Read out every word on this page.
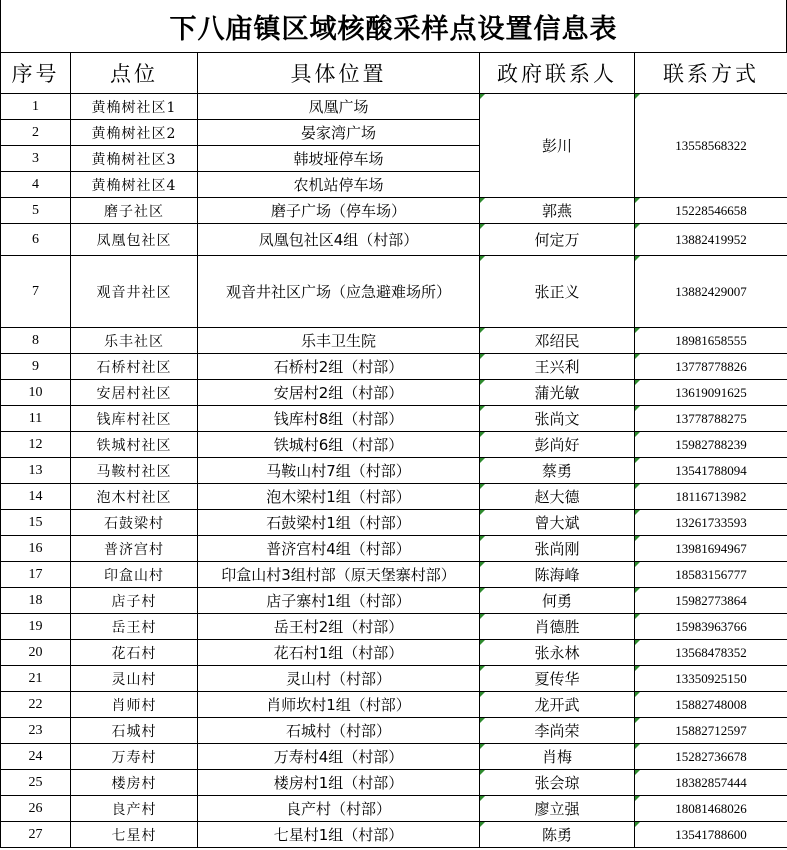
下八庙镇区域核酸采样点设置信息表
序号	点位	具体位置	政府联系人	联系方式
1	黄桷树社区1	凤凰广场	彭川	13558568322
2	黄桷树社区2	晏家湾广场		
3	黄桷树社区3	韩坡垭停车场		
4	黄桷树社区4	农机站停车场		
5	磨子社区	磨子广场（停车场）	郭燕	15228546658
6	凤凰包社区	凤凰包社区4组（村部）	何定万	13882419952
7	观音井社区	观音井社区广场（应急避难场所）	张正义	13882429007
8	乐丰社区	乐丰卫生院	邓绍民	18981658555
9	石桥村社区	石桥村2组（村部）	王兴利	13778778826
10	安居村社区	安居村2组（村部）	蒲光敏	13619091625
11	钱库村社区	钱库村8组（村部）	张尚文	13778788275
12	铁城村社区	铁城村6组（村部）	彭尚好	15982788239
13	马鞍村社区	马鞍山村7组（村部）	蔡勇	13541788094
14	泡木村社区	泡木梁村1组（村部）	赵大德	18116713982
15	石鼓梁村	石鼓梁村1组（村部）	曾大斌	13261733593
16	普济宫村	普济宫村4组（村部）	张尚刚	13981694967
17	印盒山村	印盒山村3组村部（原天堡寨村部）	陈海峰	18583156777
18	店子村	店子寨村1组（村部）	何勇	15982773864
19	岳王村	岳王村2组（村部）	肖德胜	15983963766
20	花石村	花石村1组（村部）	张永林	13568478352
21	灵山村	灵山村（村部）	夏传华	13350925150
22	肖师村	肖师坎村1组（村部）	龙开武	15882748008
23	石城村	石城村（村部）	李尚荣	15882712597
24	万寿村	万寿村4组（村部）	肖梅	15282736678
25	楼房村	楼房村1组（村部）	张会琼	18382857444
26	良产村	良产村（村部）	廖立强	18081468026
27	七星村	七星村1组（村部）	陈勇	13541788600
